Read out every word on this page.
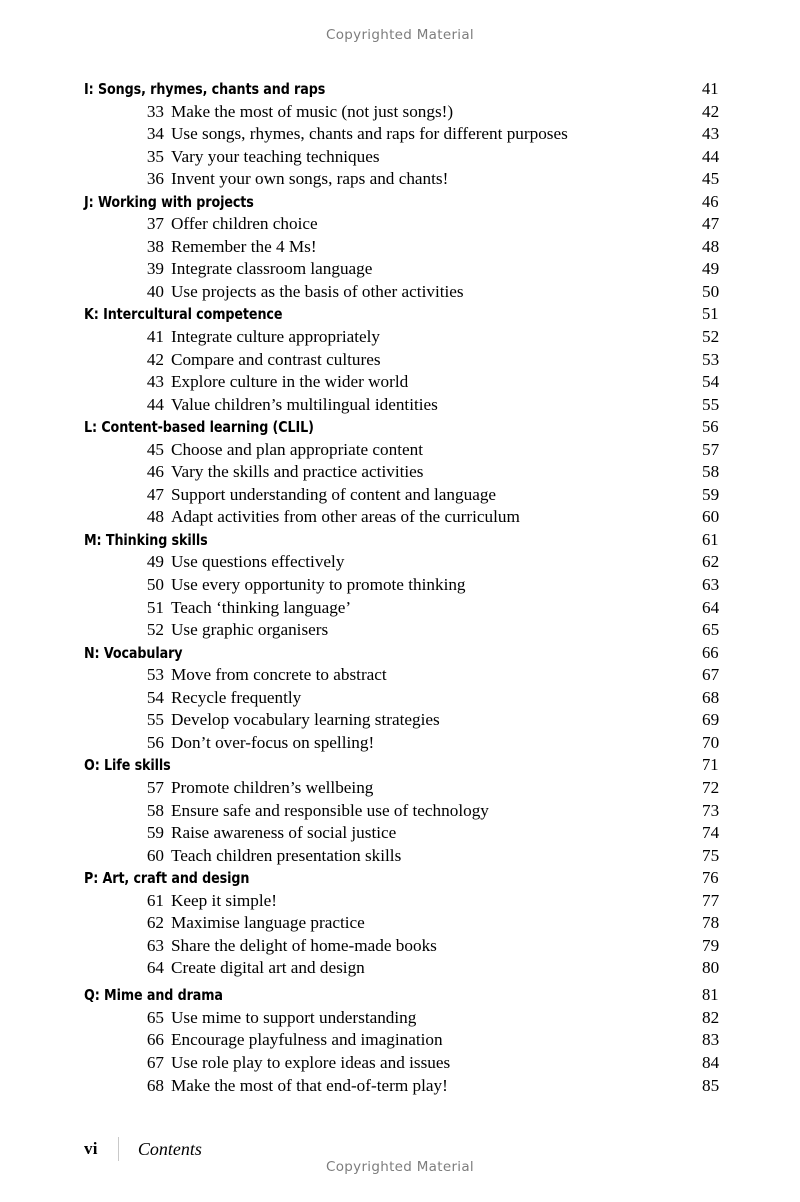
Copyrighted Material
I: Songs, rhymes, chants and raps	41
33 Make the most of music (not just songs!)	42
34 Use songs, rhymes, chants and raps for different purposes	43
35 Vary your teaching techniques	44
36 Invent your own songs, raps and chants!	45
J: Working with projects	46
37 Offer children choice	47
38 Remember the 4 Ms!	48
39 Integrate classroom language	49
40 Use projects as the basis of other activities	50
K: Intercultural competence	51
41 Integrate culture appropriately	52
42 Compare and contrast cultures	53
43 Explore culture in the wider world	54
44 Value children’s multilingual identities	55
L: Content-based learning (CLIL)	56
45 Choose and plan appropriate content	57
46 Vary the skills and practice activities	58
47 Support understanding of content and language	59
48 Adapt activities from other areas of the curriculum	60
M: Thinking skills	61
49 Use questions effectively	62
50 Use every opportunity to promote thinking	63
51 Teach ‘thinking language’	64
52 Use graphic organisers	65
N: Vocabulary	66
53 Move from concrete to abstract	67
54 Recycle frequently	68
55 Develop vocabulary learning strategies	69
56 Don’t over-focus on spelling!	70
O: Life skills	71
57 Promote children’s wellbeing	72
58 Ensure safe and responsible use of technology	73
59 Raise awareness of social justice	74
60 Teach children presentation skills	75
P: Art, craft and design	76
61 Keep it simple!	77
62 Maximise language practice	78
63 Share the delight of home-made books	79
64 Create digital art and design	80
Q: Mime and drama	81
65 Use mime to support understanding	82
66 Encourage playfulness and imagination	83
67 Use role play to explore ideas and issues	84
68 Make the most of that end-of-term play!	85
vi Contents
Copyrighted Material
